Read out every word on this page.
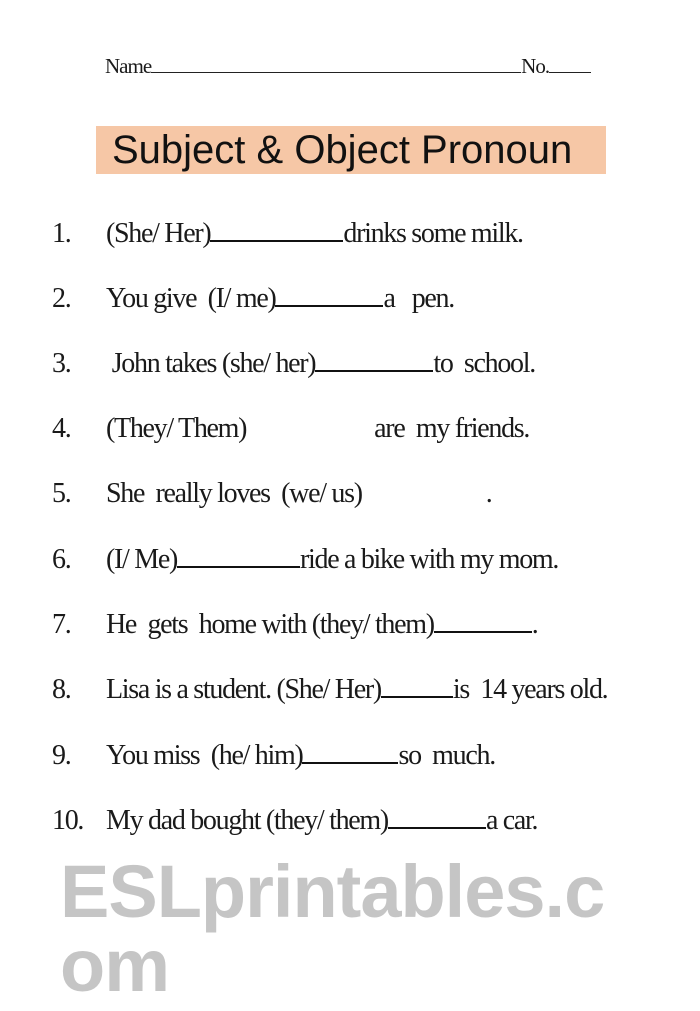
Name	No.
Subject & Object Pronoun
1. (She/ Her)	drinks some milk.
2. You give  (I/ me)	a   pen.
3. John takes (she/ her)	to  school.
4. (They/ Them)	are  my friends.
5. She  really loves  (we/ us)	.
6. (I/ Me)	ride a bike with my mom.
7. He  gets  home with (they/ them)	.
8. Lisa is a student. (She/ Her)	is  14 years old.
9. You miss  (he/ him)	so  much.
10. My dad bought (they/ them)	a car.
ESLprintables.com
